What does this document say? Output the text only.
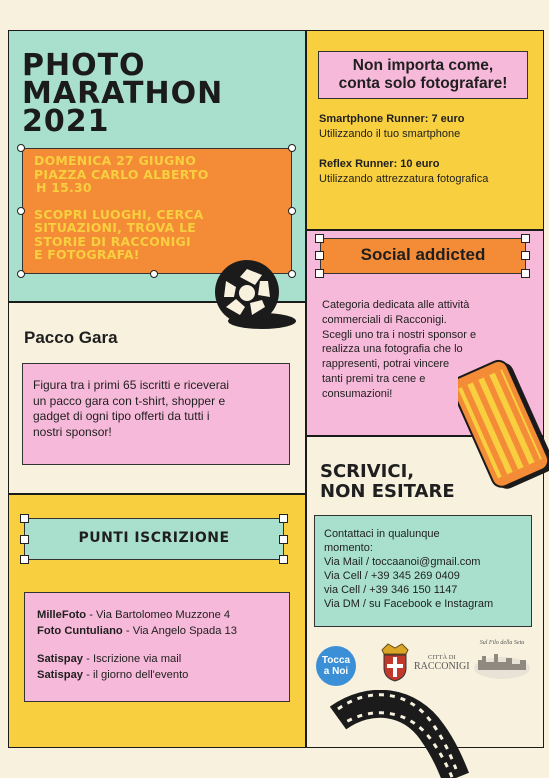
PHOTO
MARATHON
2021
DOMENICA 27 GIUGNO
PIAZZA CARLO ALBERTO
H 15.30
SCOPRI LUOGHI, CERCA
SITUAZIONI, TROVA LE
STORIE DI RACCONIGI
E FOTOGRAFA!
Non importa come,
conta solo fotografare!
Smartphone Runner: 7 euro
Utilizzando il tuo smartphone
Reflex Runner: 10 euro
Utilizzando attrezzatura fotografica
Social addicted
Categoria dedicata alle attività
commerciali di Racconigi.
Scegli uno tra i nostri sponsor e
realizza una fotografia che lo
rappresenti, potrai vincere
tanti premi tra cene e
consumazioni!
Pacco Gara
Figura tra i primi 65 iscritti e riceverai
un pacco gara con t-shirt, shopper e
gadget di ogni tipo offerti da tutti i
nostri sponsor!
SCRIVICI,
NON ESITARE
Contattaci in qualunque
momento:
Via Mail / toccaanoi@gmail.com
Via Cell / +39 345 269 0409
via Cell / +39 346 150 1147
Via DM / su Facebook e Instagram
Tocca a Noi
CITTÀ DI
RACCONIGI
Sul Filo della Seta
PUNTI ISCRIZIONE
MilleFoto - Via Bartolomeo Muzzone 4
Foto Cuntuliano - Via Angelo Spada 13
Satispay - Iscrizione via mail
Satispay - il giorno dell'evento
